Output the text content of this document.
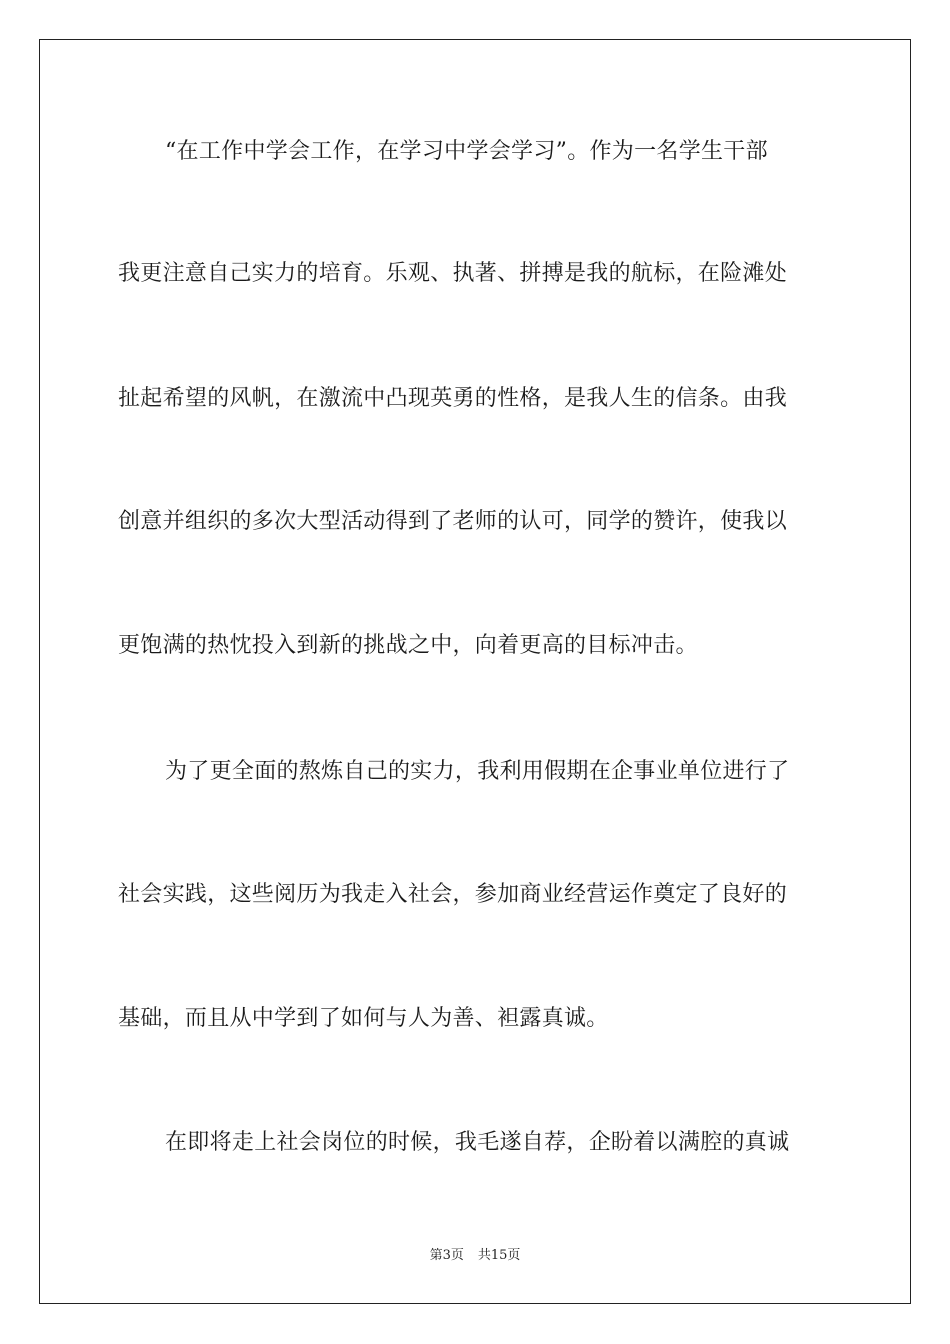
“在工作中学会工作，在学习中学会学习”。作为一名学生干部
我更注意自己实力的培育。乐观、执著、拼搏是我的航标，在险滩处
扯起希望的风帆，在激流中凸现英勇的性格，是我人生的信条。由我
创意并组织的多次大型活动得到了老师的认可，同学的赞许，使我以
更饱满的热忱投入到新的挑战之中，向着更高的目标冲击。
为了更全面的熬炼自己的实力，我利用假期在企事业单位进行了
社会实践，这些阅历为我走入社会，参加商业经营运作奠定了良好的
基础，而且从中学到了如何与人为善、袒露真诚。
在即将走上社会岗位的时候，我毛遂自荐，企盼着以满腔的真诚
第3页 共15页
